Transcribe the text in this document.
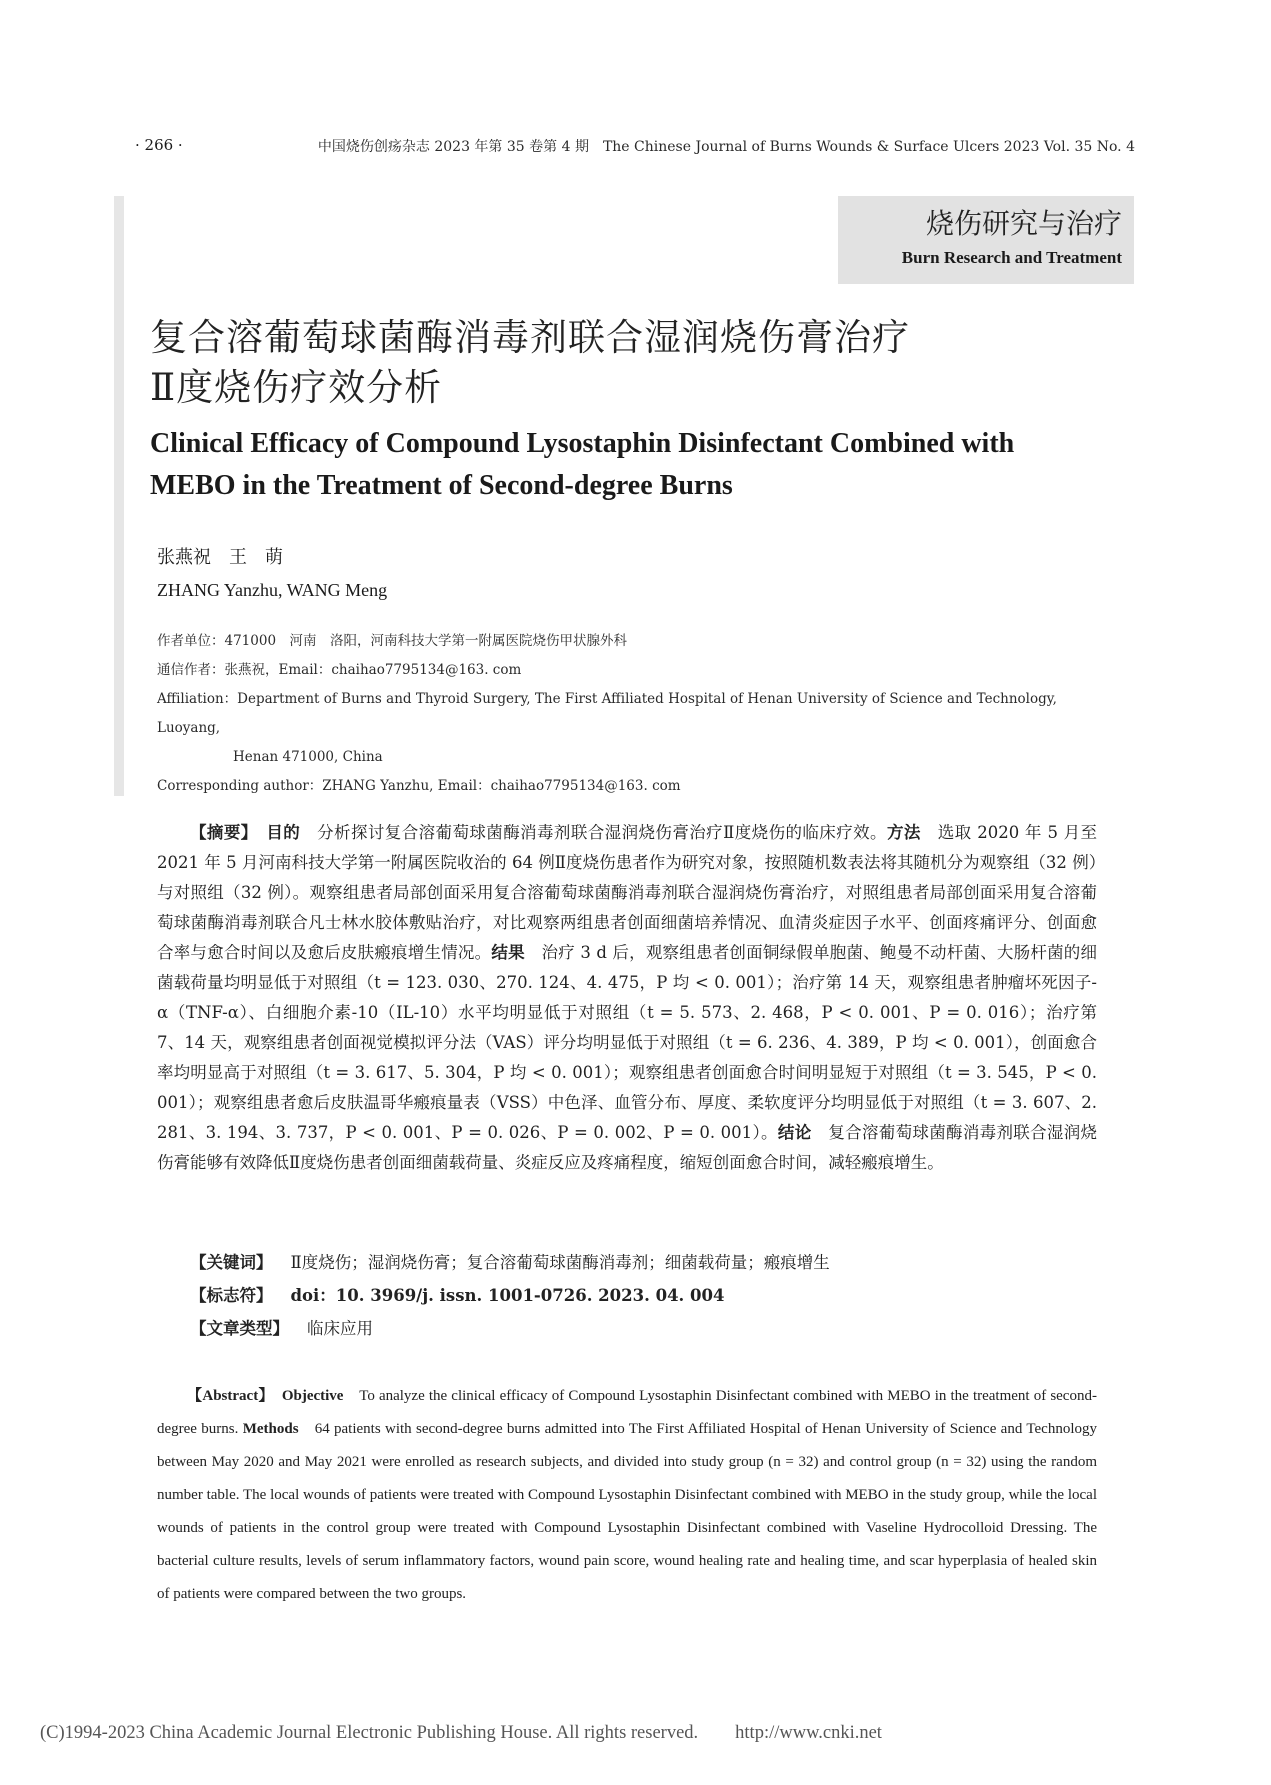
· 266 ·	中国烧伤创疡杂志 2023 年第 35 卷第 4 期　The Chinese Journal of Burns Wounds & Surface Ulcers 2023 Vol. 35 No. 4
烧伤研究与治疗
Burn Research and Treatment
复合溶葡萄球菌酶消毒剂联合湿润烧伤膏治疗
Ⅱ度烧伤疗效分析
Clinical Efficacy of Compound Lysostaphin Disinfectant Combined with
MEBO in the Treatment of Second-degree Burns
张燕祝　王　萌
ZHANG Yanzhu, WANG Meng
作者单位：471000　河南　洛阳，河南科技大学第一附属医院烧伤甲状腺外科
通信作者：张燕祝，Email：chaihao7795134@163. com
Affiliation：Department of Burns and Thyroid Surgery, The First Affiliated Hospital of Henan University of Science and Technology, Luoyang,
Henan 471000, China
Corresponding author：ZHANG Yanzhu, Email：chaihao7795134@163. com
【摘要】　 目的　 分析探讨复合溶葡萄球菌酶消毒剂联合湿润烧伤膏治疗Ⅱ度烧伤的临床疗效。方法　 选取 2020 年 5 月至 2021 年 5 月河南科技大学第一附属医院收治的 64 例Ⅱ度烧伤患者作为研究对象，按照随机数表法将其随机分为观察组（32 例）与对照组（32 例）。观察组患者局部创面采用复合溶葡萄球菌酶消毒剂联合湿润烧伤膏治疗，对照组患者局部创面采用复合溶葡萄球菌酶消毒剂联合凡士林水胶体敷贴治疗，对比观察两组患者创面细菌培养情况、血清炎症因子水平、创面疼痛评分、创面愈合率与愈合时间以及愈后皮肤瘢痕增生情况。结果　 治疗 3 d 后，观察组患者创面铜绿假单胞菌、鲍曼不动杆菌、大肠杆菌的细菌载荷量均明显低于对照组（t = 123. 030、270. 124、4. 475，P 均 < 0. 001）；治疗第 14 天，观察组患者肿瘤坏死因子-α（TNF-α）、白细胞介素-10（IL-10）水平均明显低于对照组（t = 5. 573、2. 468，P < 0. 001、P = 0. 016）；治疗第 7、14 天，观察组患者创面视觉模拟评分法（VAS）评分均明显低于对照组（t = 6. 236、4. 389，P 均 < 0. 001），创面愈合率均明显高于对照组（t = 3. 617、5. 304，P 均 < 0. 001）；观察组患者创面愈合时间明显短于对照组（t = 3. 545，P < 0. 001）；观察组患者愈后皮肤温哥华瘢痕量表（VSS）中色泽、血管分布、厚度、柔软度评分均明显低于对照组（t = 3. 607、2. 281、3. 194、3. 737，P < 0. 001、P = 0. 026、P = 0. 002、P = 0. 001）。结论　 复合溶葡萄球菌酶消毒剂联合湿润烧伤膏能够有效降低Ⅱ度烧伤患者创面细菌载荷量、炎症反应及疼痛程度，缩短创面愈合时间，减轻瘢痕增生。
【关键词】 Ⅱ度烧伤；湿润烧伤膏；复合溶葡萄球菌酶消毒剂；细菌载荷量；瘢痕增生
【标志符】 doi：10. 3969/j. issn. 1001-0726. 2023. 04. 004
【文章类型】 临床应用
【Abstract】　 Objective　 To analyze the clinical efficacy of Compound Lysostaphin Disinfectant combined with MEBO in the treatment of second-degree burns. Methods　 64 patients with second-degree burns admitted into The First Affiliated Hospital of Henan University of Science and Technology between May 2020 and May 2021 were enrolled as research subjects, and divided into study group (n = 32) and control group (n = 32) using the random number table. The local wounds of patients were treated with Compound Lysostaphin Disinfectant combined with MEBO in the study group, while the local wounds of patients in the control group were treated with Compound Lysostaphin Disinfectant combined with Vaseline Hydrocolloid Dressing. The bacterial culture results, levels of serum inflammatory factors, wound pain score, wound healing rate and healing time, and scar hyperplasia of healed skin of patients were compared between the two groups.
(C)1994-2023 China Academic Journal Electronic Publishing House. All rights reserved.　　http://www.cnki.net
